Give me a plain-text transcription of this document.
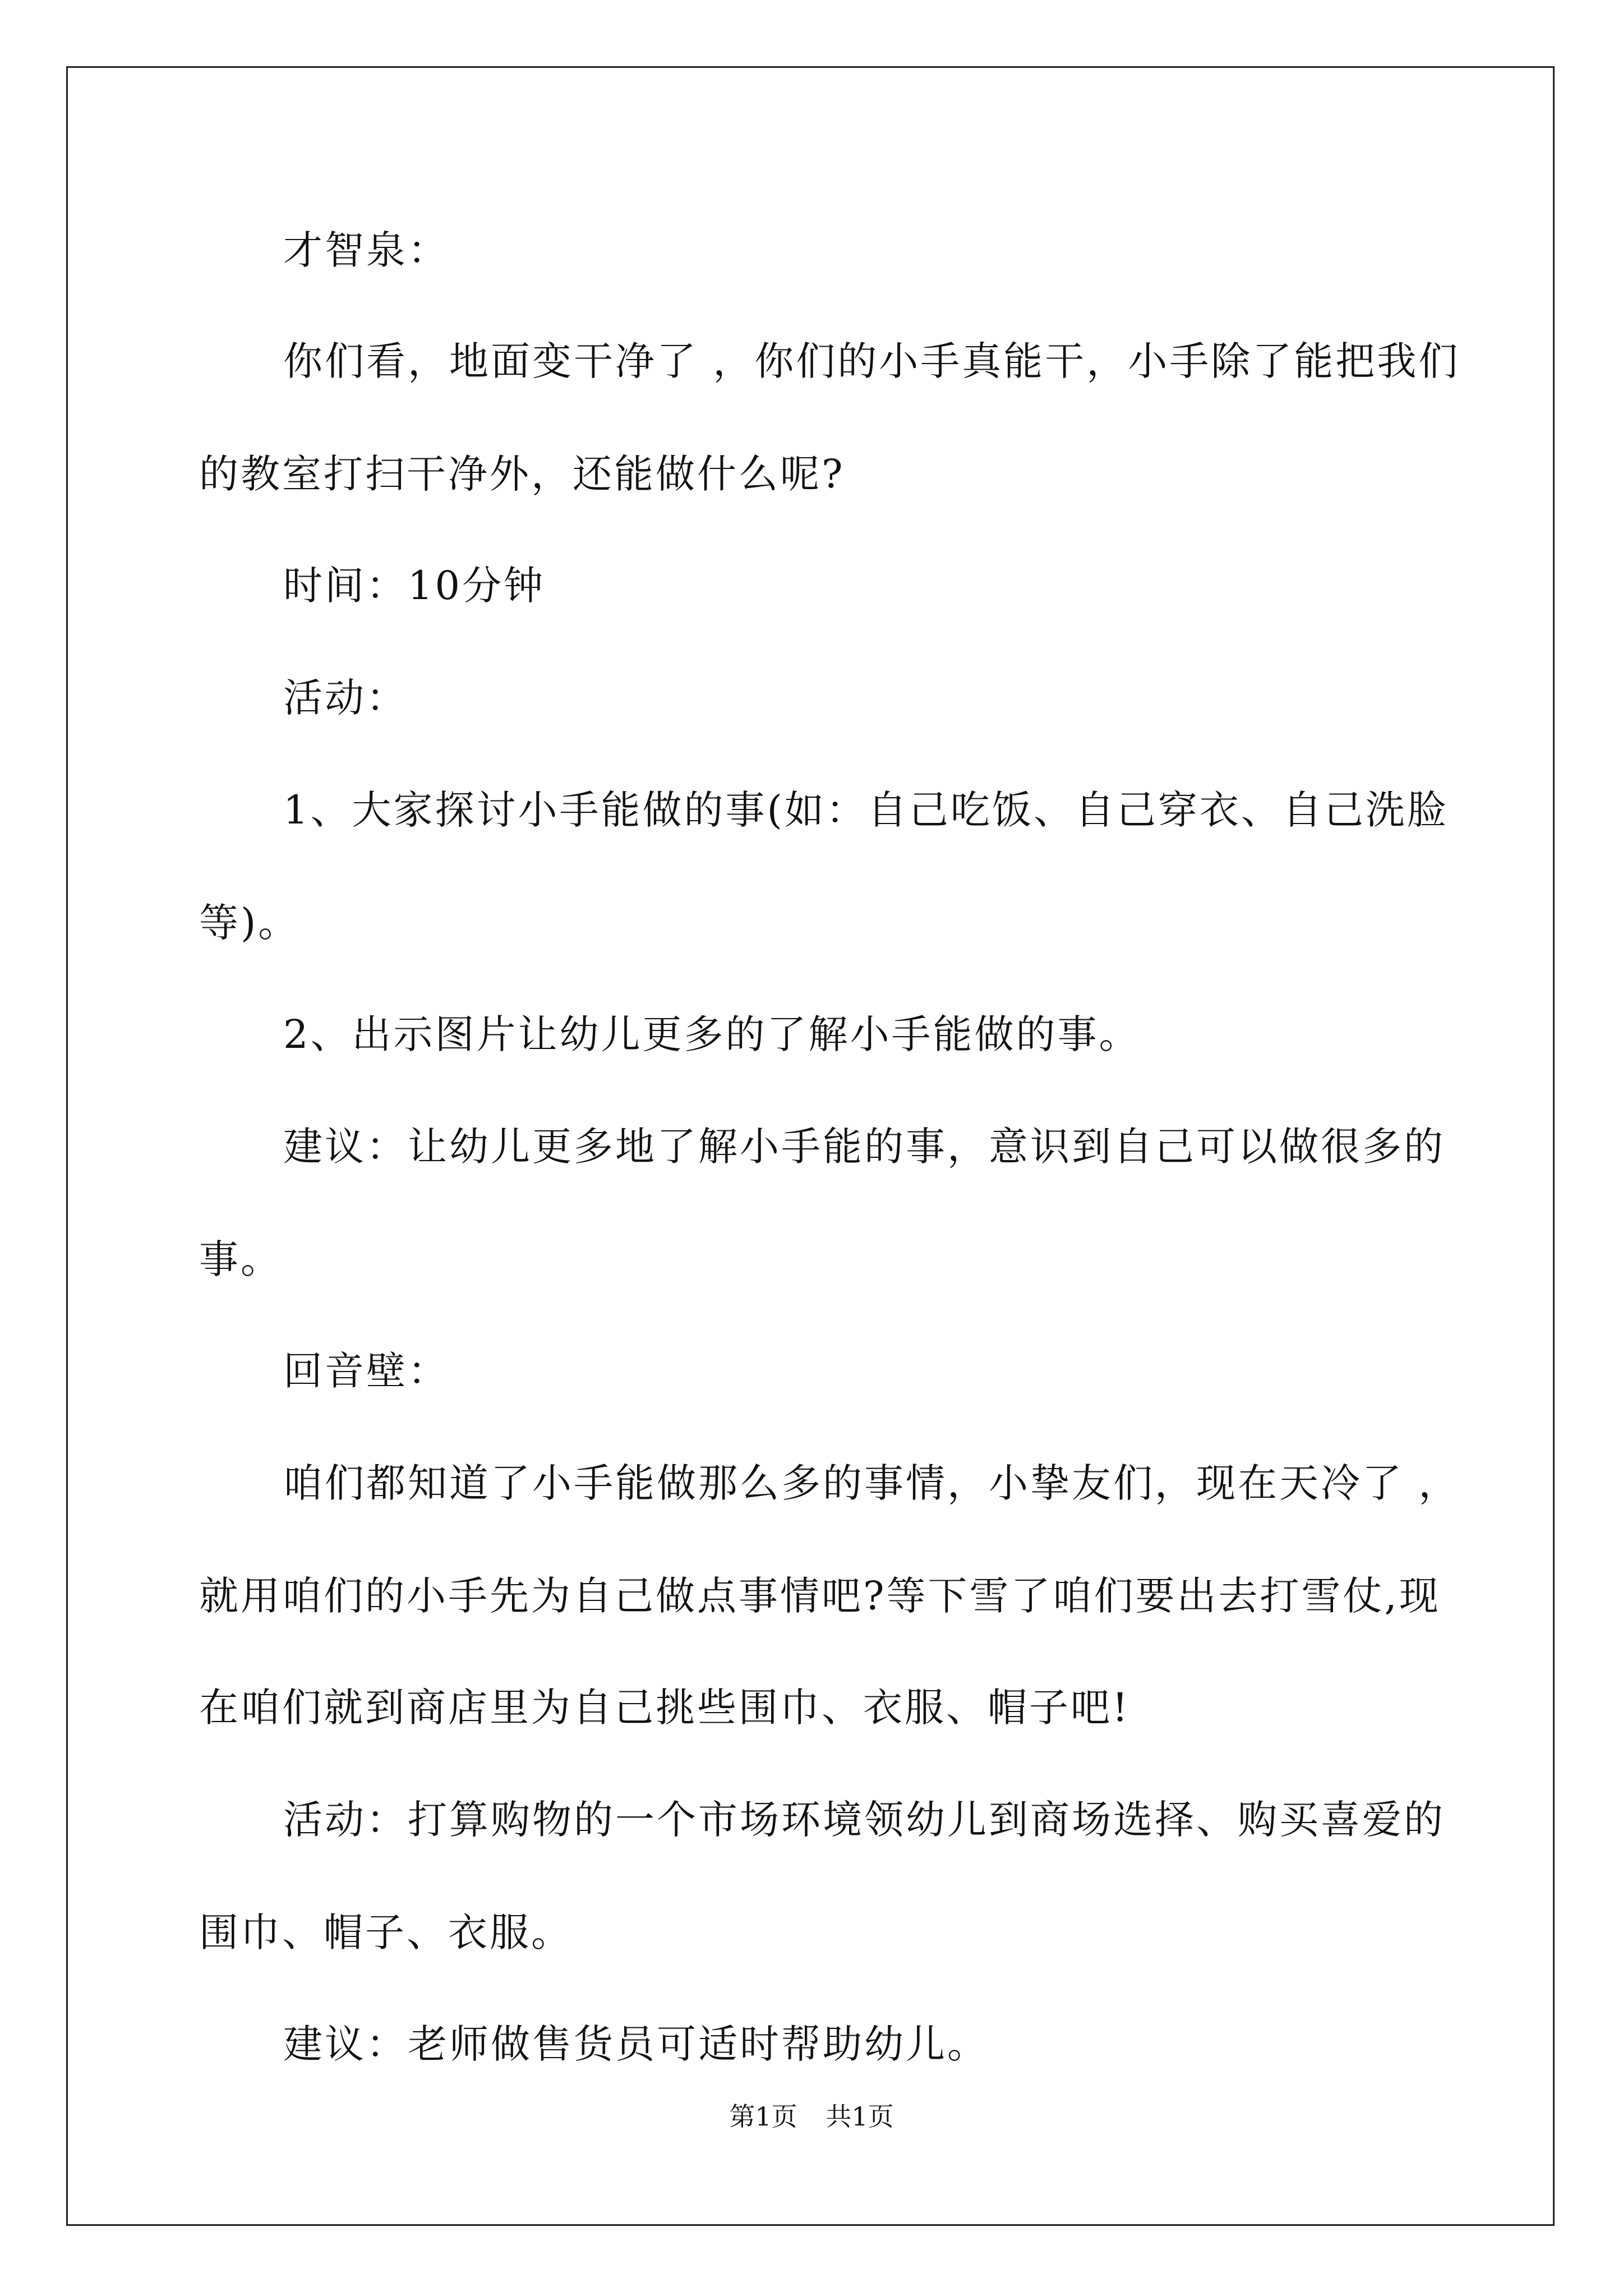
才智泉：
你们看，地面变干净了 ，你们的小手真能干，小手除了能把我们
的教室打扫干净外，还能做什么呢?
时间：10分钟
活动：
1、大家探讨小手能做的事(如：自己吃饭、自己穿衣、自己洗脸
等)。
2、出示图片让幼儿更多的了解小手能做的事。
建议：让幼儿更多地了解小手能的事，意识到自己可以做很多的
事。
回音壁：
咱们都知道了小手能做那么多的事情，小挚友们，现在天冷了 ，
就用咱们的小手先为自己做点事情吧?等下雪了咱们要出去打雪仗,现
在咱们就到商店里为自己挑些围巾、衣服、帽子吧!
活动：打算购物的一个市场环境领幼儿到商场选择、购买喜爱的
围巾、帽子、衣服。
建议：老师做售货员可适时帮助幼儿。
第1页 共1页
